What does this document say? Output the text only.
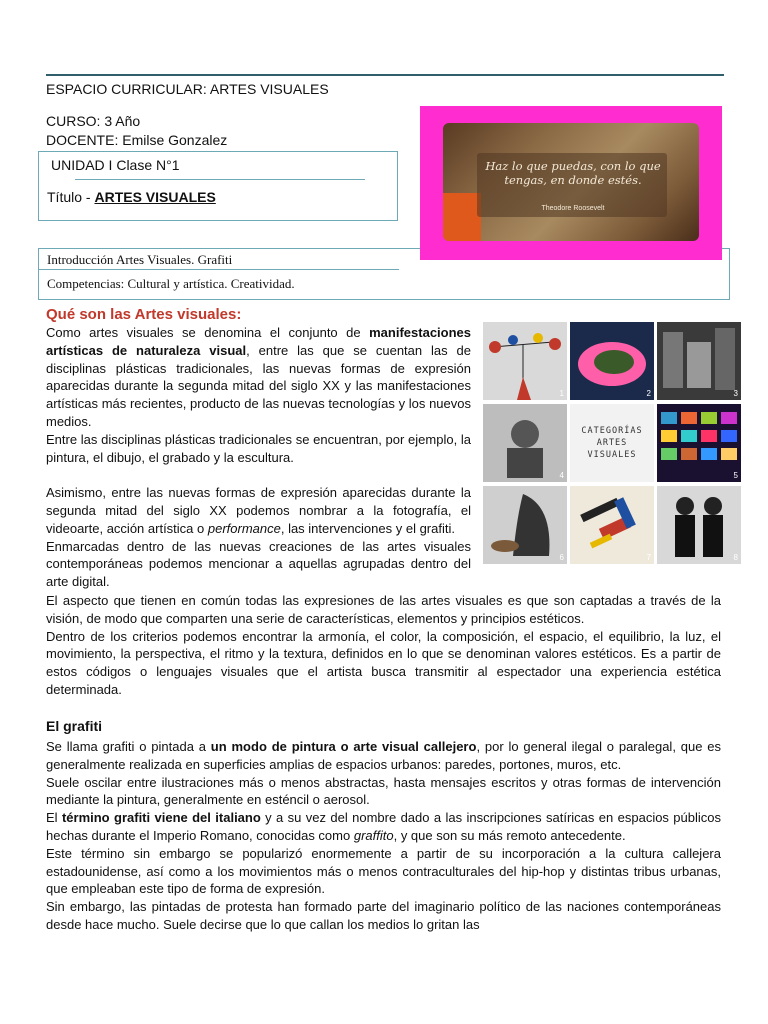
ESPACIO CURRICULAR: ARTES VISUALES
CURSO: 3 Año
DOCENTE: Emilse Gonzalez
UNIDAD I Clase N°1
Título - ARTES VISUALES
Introducción Artes Visuales. Grafiti
Competencias: Cultural y artística. Creatividad.
Haz lo que puedas, con lo que tengas, en donde estés.
Theodore Roosevelt
Qué son las Artes visuales:

Como artes visuales se denomina el conjunto de manifestaciones artísticas de naturaleza visual, entre las que se cuentan las de disciplinas plásticas tradicionales, las nuevas formas de expresión aparecidas durante la segunda mitad del siglo XX y las manifestaciones artísticas más recientes, producto de las nuevas tecnologías y los nuevos medios.

Entre las disciplinas plásticas tradicionales se encuentran, por ejemplo, la pintura, el dibujo, el grabado y la escultura.

Asimismo, entre las nuevas formas de expresión aparecidas durante la segunda mitad del siglo XX podemos nombrar a la fotografía, el videoarte, acción artística o performance, las intervenciones y el grafiti.

Enmarcadas dentro de las nuevas creaciones de las artes visuales contemporáneas podemos mencionar a aquellas agrupadas dentro del arte digital.

El aspecto que tienen en común todas las expresiones de las artes visuales es que son captadas a través de la visión, de modo que comparten una serie de características, elementos y principios estéticos.

Dentro de los criterios podemos encontrar la armonía, el color, la composición, el espacio, el equilibrio, la luz, el movimiento, la perspectiva, el ritmo y la textura, definidos en lo que se denominan valores estéticos. Es a partir de estos códigos o lenguajes visuales que el artista busca transmitir al espectador una experiencia estética determinada.

1	2	3
4
CATEGORÍAS
ARTES
VISUALES
5
6	7	8
El grafiti

Se llama grafiti o pintada a un modo de pintura o arte visual callejero, por lo general ilegal o paralegal, que es generalmente realizada en superficies amplias de espacios urbanos: paredes, portones, muros, etc.

Suele oscilar entre ilustraciones más o menos abstractas, hasta mensajes escritos y otras formas de intervención mediante la pintura, generalmente en esténcil o aerosol.

El término grafiti viene del italiano y a su vez del nombre dado a las inscripciones satíricas en espacios públicos hechas durante el Imperio Romano, conocidas como graffito, y que son su más remoto antecedente.

Este término sin embargo se popularizó enormemente a partir de su incorporación a la cultura callejera estadounidense, así como a los movimientos más o menos contraculturales del hip-hop y distintas tribus urbanas, que empleaban este tipo de forma de expresión.

Sin embargo, las pintadas de protesta han formado parte del imaginario político de las naciones contemporáneas desde hace mucho. Suele decirse que lo que callan los medios lo gritan las
